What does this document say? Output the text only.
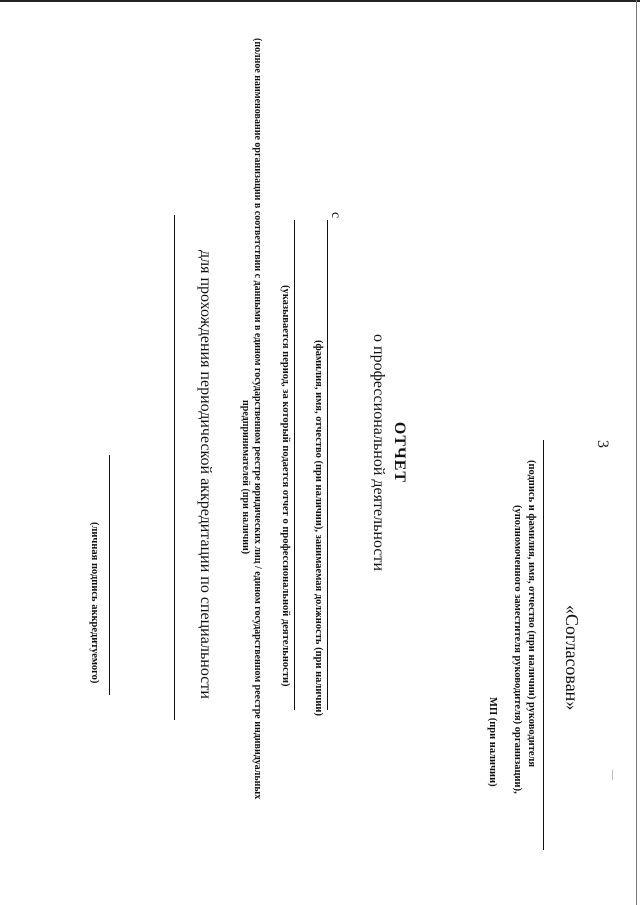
3
«Согласован»
(подпись и фамилия, имя, отчество (при наличии) руководителя
(уполномоченного заместителя руководителя) организации),
МП (при наличии)
ОТЧЕТ
о профессиональной деятельности
(фамилия, имя, отчество (при наличии), занимаемая должность (при наличии)
с
(указывается период, за который подается отчет о профессиональной деятельности)
(полное наименование организации в соответствии с данными в едином государственном реестре юридических лиц / едином государственном реестре индивидуальных
предпринимателей (при наличии)
для прохождения периодической аккредитации по специальности
(личная подпись аккредитуемого)
